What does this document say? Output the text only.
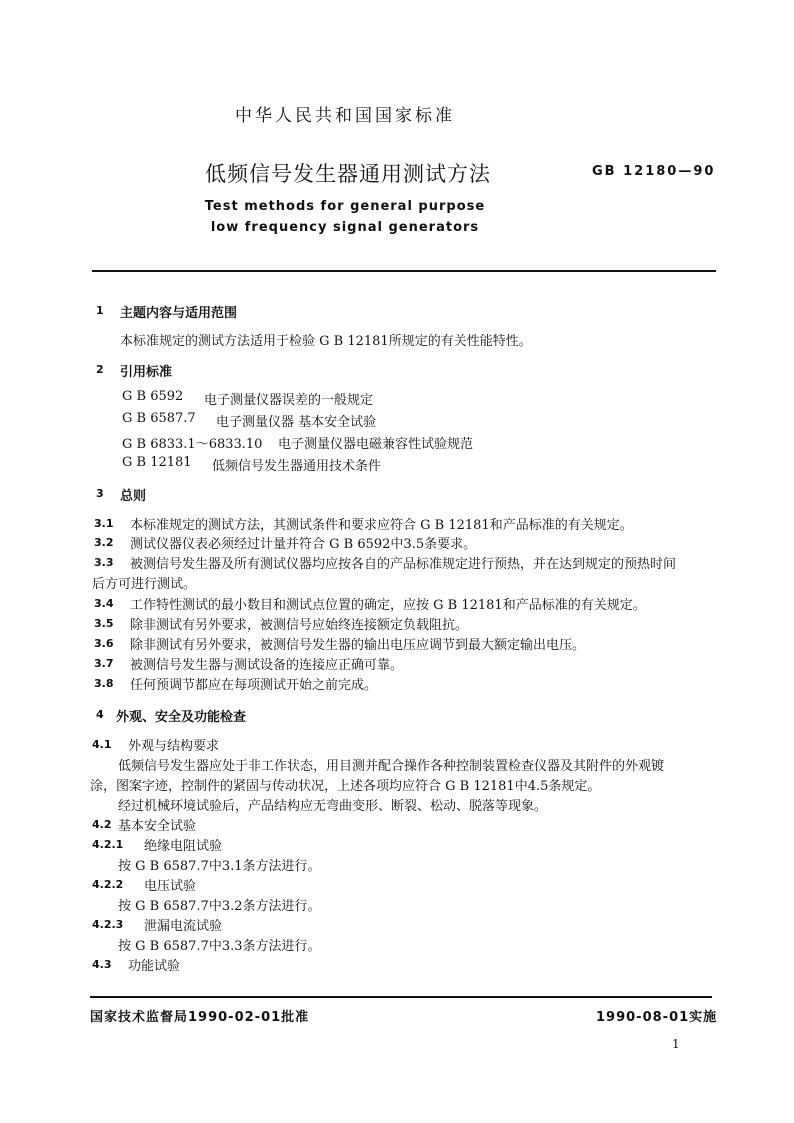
中华人民共和国国家标准
低频信号发生器通用测试方法	GB 12180—90
Test methods for general purpose
low frequency signal generators
1 主题内容与适用范围
本标准规定的测试方法适用于检验 G B 12181所规定的有关性能特性。
2 引用标准
G B 6592 电子测量仪器误差的一般规定
G B 6587.7 电子测量仪器 基本安全试验
G B 6833.1～6833.10 电子测量仪器电磁兼容性试验规范
G B 12181 低频信号发生器通用技术条件
3 总则
3.1 本标准规定的测试方法，其测试条件和要求应符合 G B 12181和产品标准的有关规定。
3.2 测试仪器仪表必须经过计量并符合 G B 6592中3.5条要求。
3.3 被测信号发生器及所有测试仪器均应按各自的产品标准规定进行预热，并在达到规定的预热时间
后方可进行测试。
3.4 工作特性测试的最小数目和测试点位置的确定，应按 G B 12181和产品标准的有关规定。
3.5 除非测试有另外要求，被测信号应始终连接额定负载阻抗。
3.6 除非测试有另外要求，被测信号发生器的输出电压应调节到最大额定输出电压。
3.7 被测信号发生器与测试设备的连接应正确可靠。
3.8 任何预调节都应在每项测试开始之前完成。
4 外观、安全及功能检查
4.1 外观与结构要求
低频信号发生器应处于非工作状态，用目测并配合操作各种控制装置检查仪器及其附件的外观镀
涂，图案字迹，控制件的紧固与传动状况，上述各项均应符合 G B 12181中4.5条规定。
经过机械环境试验后，产品结构应无弯曲变形、断裂、松动、脱落等现象。
4.2 基本安全试验
4.2.1 绝缘电阻试验
按 G B 6587.7中3.1条方法进行。
4.2.2 电压试验
按 G B 6587.7中3.2条方法进行。
4.2.3 泄漏电流试验
按 G B 6587.7中3.3条方法进行。
4.3 功能试验
国家技术监督局1990-02-01批准	1990-08-01实施
1
